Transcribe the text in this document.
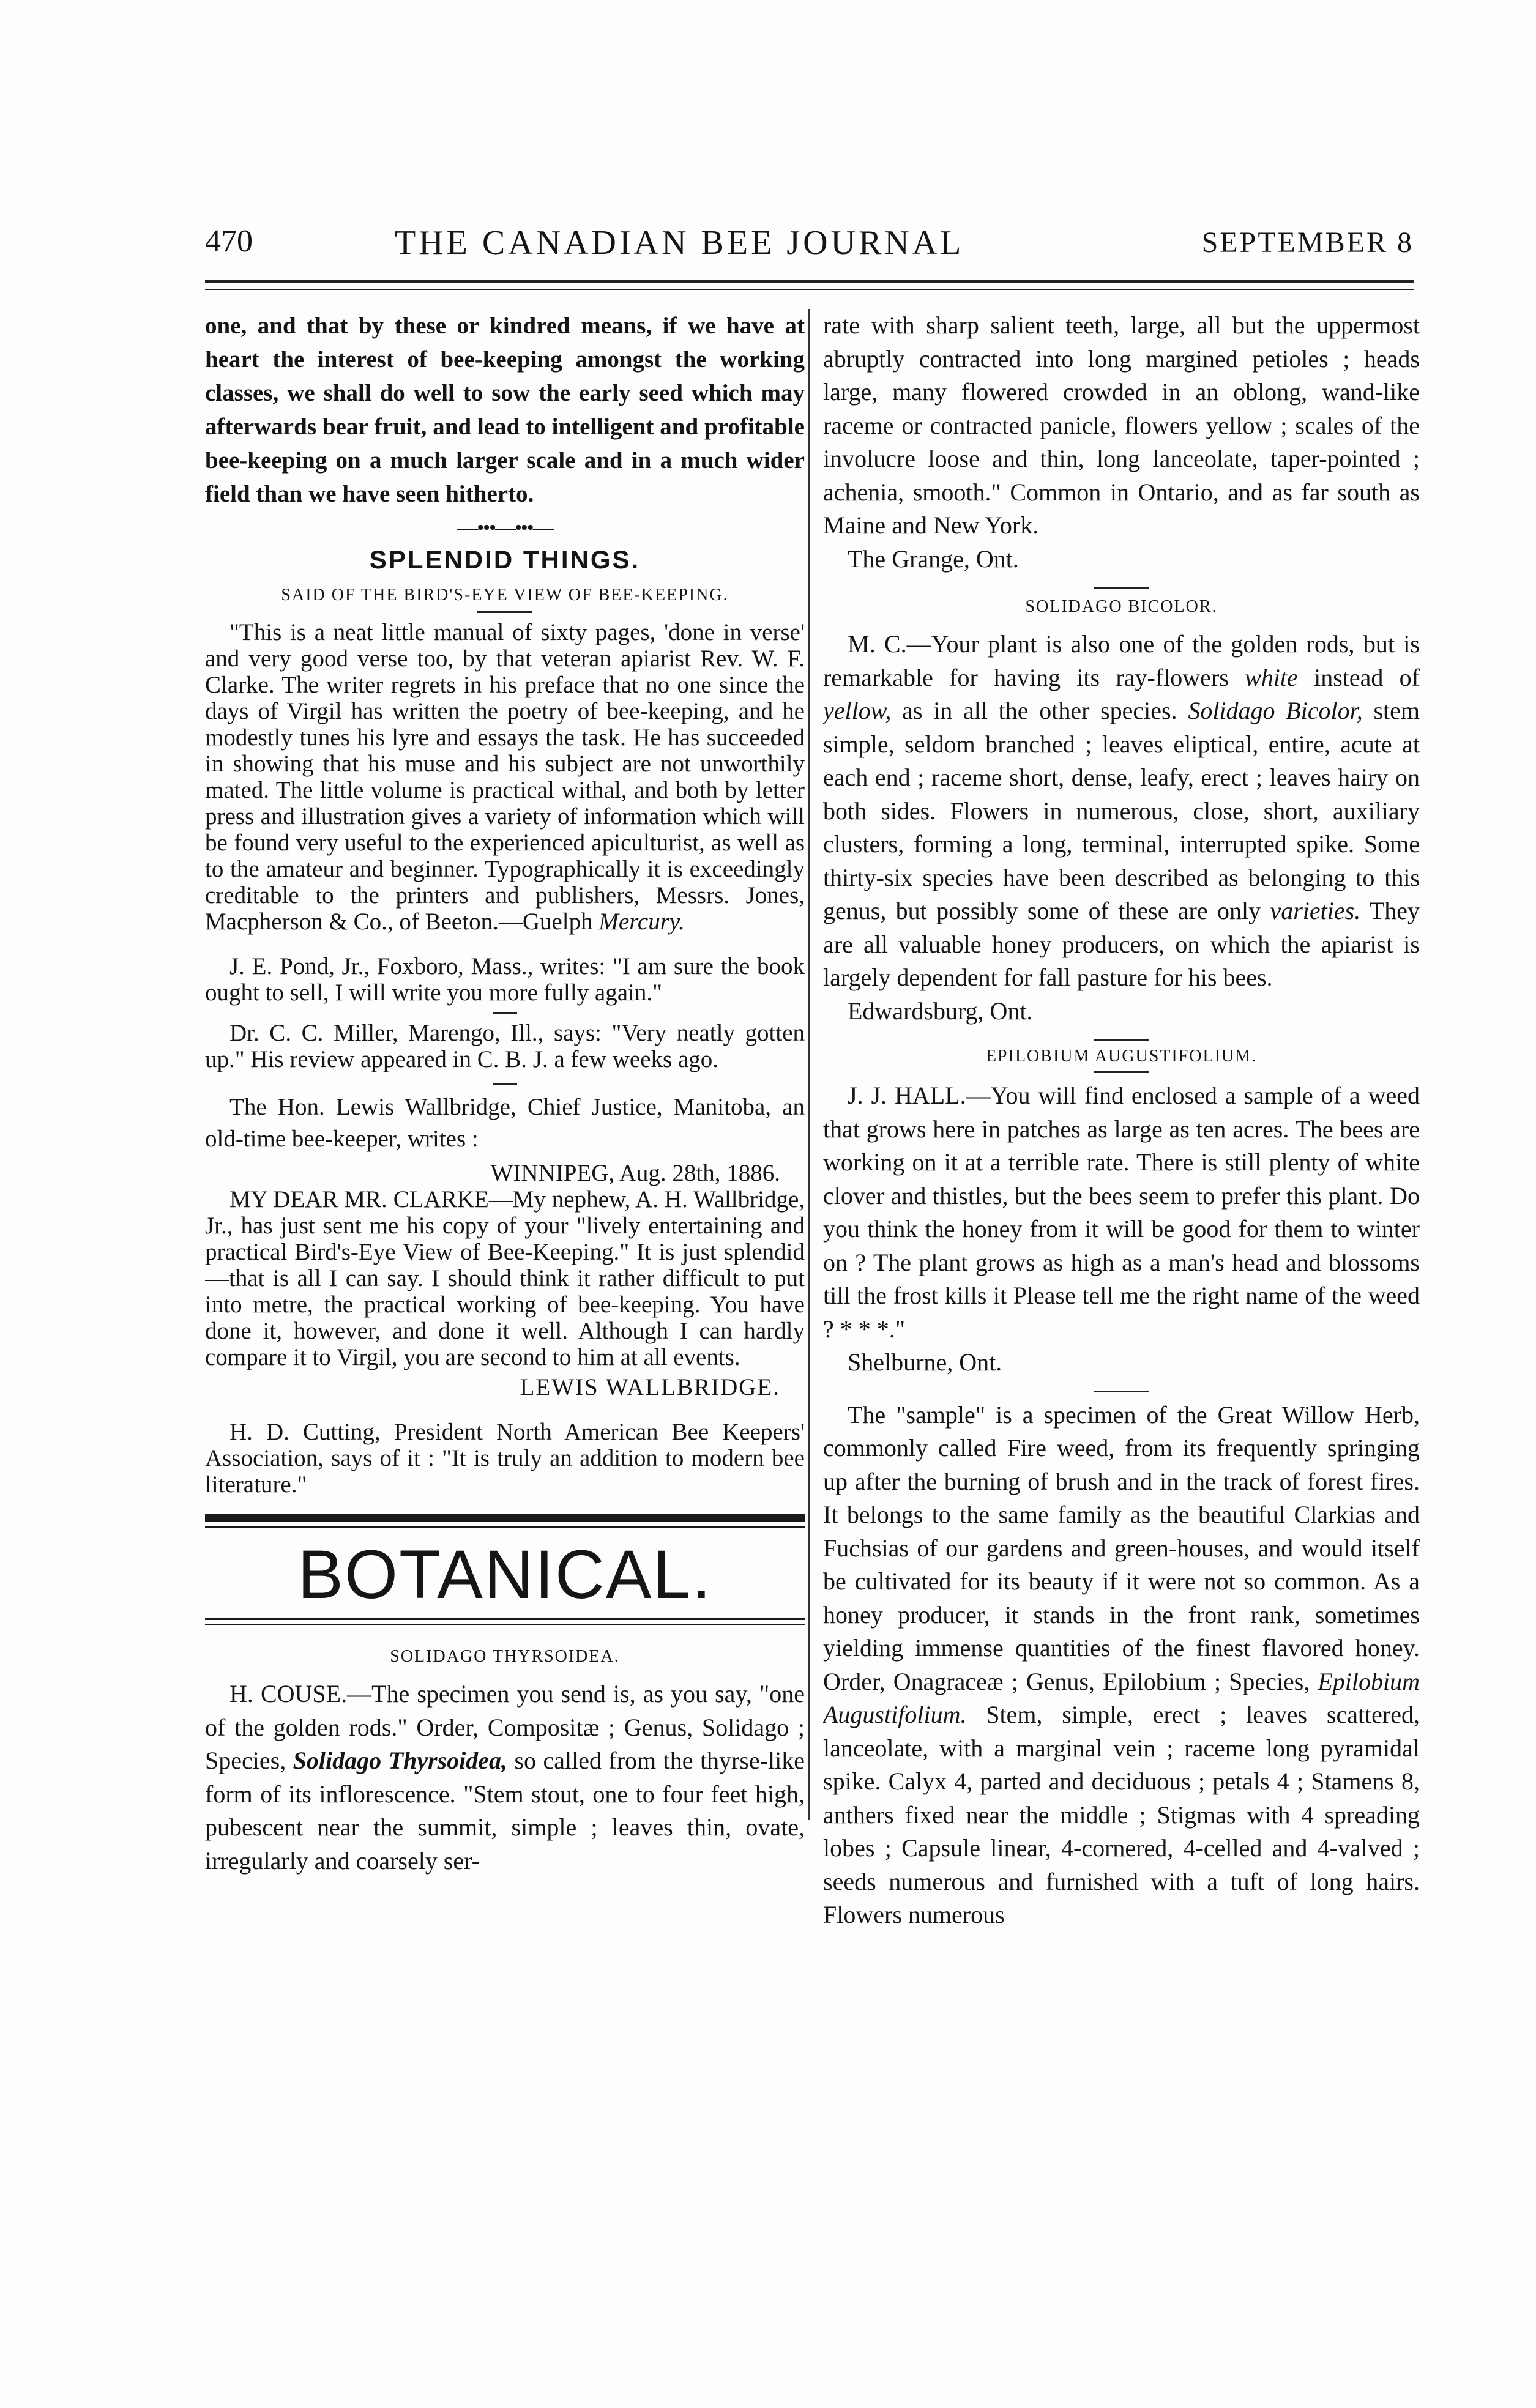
470	THE CANADIAN BEE JOURNAL	SEPTEMBER 8

one, and that by these or kindred means, if we have at heart the interest of bee-keeping amongst the working classes, we shall do well to sow the early seed which may afterwards bear fruit, and lead to intelligent and profitable bee-keeping on a much larger scale and in a much wider field than we have seen hitherto.

—•••—•••—
SPLENDID THINGS.
SAID OF THE BIRD'S-EYE VIEW OF BEE-KEEPING.

"This is a neat little manual of sixty pages, 'done in verse' and very good verse too, by that veteran apiarist Rev. W. F. Clarke. The writer regrets in his preface that no one since the days of Virgil has written the poetry of bee-keeping, and he modestly tunes his lyre and essays the task. He has succeeded in showing that his muse and his subject are not unworthily mated. The little volume is practical withal, and both by letter press and illustration gives a variety of information which will be found very useful to the experienced apiculturist, as well as to the amateur and beginner. Typographically it is exceedingly creditable to the printers and publishers, Messrs. Jones, Macpherson & Co., of Beeton.—Guelph Mercury.

J. E. Pond, Jr., Foxboro, Mass., writes: "I am sure the book ought to sell, I will write you more fully again."

Dr. C. C. Miller, Marengo, Ill., says: "Very neatly gotten up." His review appeared in C. B. J. a few weeks ago.

The Hon. Lewis Wallbridge, Chief Justice, Manitoba, an old-time bee-keeper, writes :

WINNIPEG, Aug. 28th, 1886.

MY DEAR MR. CLARKE—My nephew, A. H. Wallbridge, Jr., has just sent me his copy of your "lively entertaining and practical Bird's-Eye View of Bee-Keeping." It is just splendid —that is all I can say. I should think it rather difficult to put into metre, the practical working of bee-keeping. You have done it, however, and done it well. Although I can hardly compare it to Virgil, you are second to him at all events.

LEWIS WALLBRIDGE.

H. D. Cutting, President North American Bee Keepers' Association, says of it : "It is truly an addition to modern bee literature."

BOTANICAL.
SOLIDAGO THYRSOIDEA.

H. COUSE.—The specimen you send is, as you say, "one of the golden rods." Order, Compositæ ; Genus, Solidago ; Species, Solidago Thyrsoidea, so called from the thyrse-like form of its inflorescence. "Stem stout, one to four feet high, pubescent near the summit, simple ; leaves thin, ovate, irregularly and coarsely ser-

rate with sharp salient teeth, large, all but the uppermost abruptly contracted into long margined petioles ; heads large, many flowered crowded in an oblong, wand-like raceme or contracted panicle, flowers yellow ; scales of the involucre loose and thin, long lanceolate, taper-pointed ; achenia, smooth." Common in Ontario, and as far south as Maine and New York.

The Grange, Ont.
SOLIDAGO BICOLOR.

M. C.—Your plant is also one of the golden rods, but is remarkable for having its ray-flowers white instead of yellow, as in all the other species. Solidago Bicolor, stem simple, seldom branched ; leaves eliptical, entire, acute at each end ; raceme short, dense, leafy, erect ; leaves hairy on both sides. Flowers in numerous, close, short, auxiliary clusters, forming a long, terminal, interrupted spike. Some thirty-six species have been described as belonging to this genus, but possibly some of these are only varieties. They are all valuable honey producers, on which the apiarist is largely dependent for fall pasture for his bees.

Edwardsburg, Ont.
EPILOBIUM AUGUSTIFOLIUM.

J. J. HALL.—You will find enclosed a sample of a weed that grows here in patches as large as ten acres. The bees are working on it at a terrible rate. There is still plenty of white clover and thistles, but the bees seem to prefer this plant. Do you think the honey from it will be good for them to winter on ? The plant grows as high as a man's head and blossoms till the frost kills it Please tell me the right name of the weed ? * * *."

Shelburne, Ont.

The "sample" is a specimen of the Great Willow Herb, commonly called Fire weed, from its frequently springing up after the burning of brush and in the track of forest fires. It belongs to the same family as the beautiful Clarkias and Fuchsias of our gardens and green-houses, and would itself be cultivated for its beauty if it were not so common. As a honey producer, it stands in the front rank, sometimes yielding immense quantities of the finest flavored honey. Order, Onagraceæ ; Genus, Epilobium ; Species, Epilobium Augustifolium. Stem, simple, erect ; leaves scattered, lanceolate, with a marginal vein ; raceme long pyramidal spike. Calyx 4, parted and deciduous ; petals 4 ; Stamens 8, anthers fixed near the middle ; Stigmas with 4 spreading lobes ; Capsule linear, 4-cornered, 4-celled and 4-valved ; seeds numerous and furnished with a tuft of long hairs. Flowers numerous
